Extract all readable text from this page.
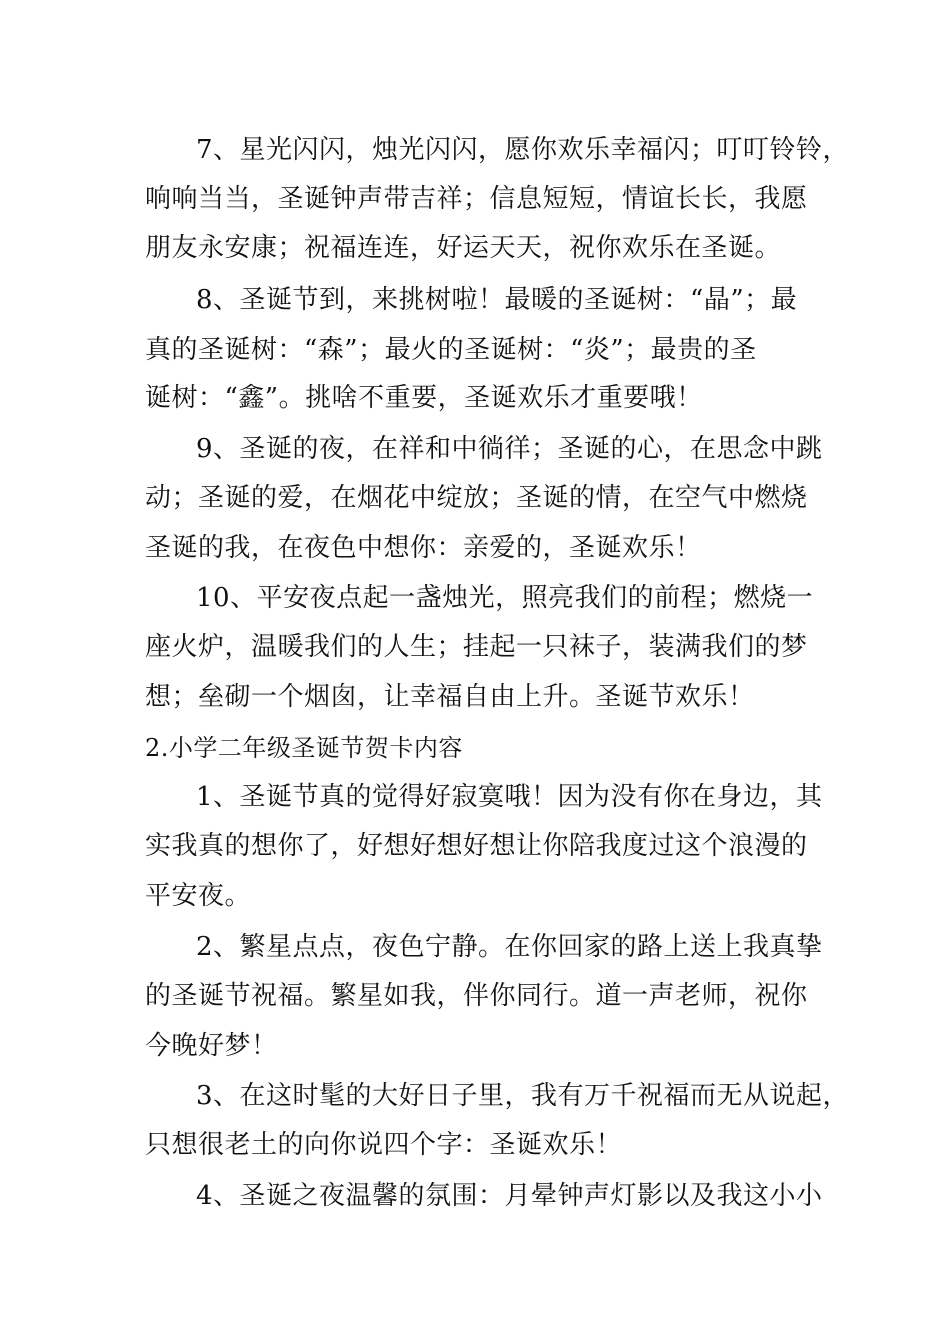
7、星光闪闪，烛光闪闪，愿你欢乐幸福闪；叮叮铃铃，
响响当当，圣诞钟声带吉祥；信息短短，情谊长长，我愿
朋友永安康；祝福连连，好运天天，祝你欢乐在圣诞。
8、圣诞节到，来挑树啦！最暖的圣诞树：“晶”；最
真的圣诞树：“森”；最火的圣诞树：“炎”；最贵的圣
诞树：“鑫”。挑啥不重要，圣诞欢乐才重要哦！
9、圣诞的夜，在祥和中徜徉；圣诞的心，在思念中跳
动；圣诞的爱，在烟花中绽放；圣诞的情，在空气中燃烧
圣诞的我，在夜色中想你：亲爱的，圣诞欢乐！
10、平安夜点起一盏烛光，照亮我们的前程；燃烧一
座火炉，温暖我们的人生；挂起一只袜子，装满我们的梦
想；垒砌一个烟囱，让幸福自由上升。圣诞节欢乐！
2.小学二年级圣诞节贺卡内容
1、圣诞节真的觉得好寂寞哦！因为没有你在身边，其
实我真的想你了，好想好想好想让你陪我度过这个浪漫的
平安夜。
2、繁星点点，夜色宁静。在你回家的路上送上我真挚
的圣诞节祝福。繁星如我，伴你同行。道一声老师，祝你
今晚好梦！
3、在这时髦的大好日子里，我有万千祝福而无从说起，
只想很老土的向你说四个字：圣诞欢乐！
4、圣诞之夜温馨的氛围：月晕钟声灯影以及我这小小
